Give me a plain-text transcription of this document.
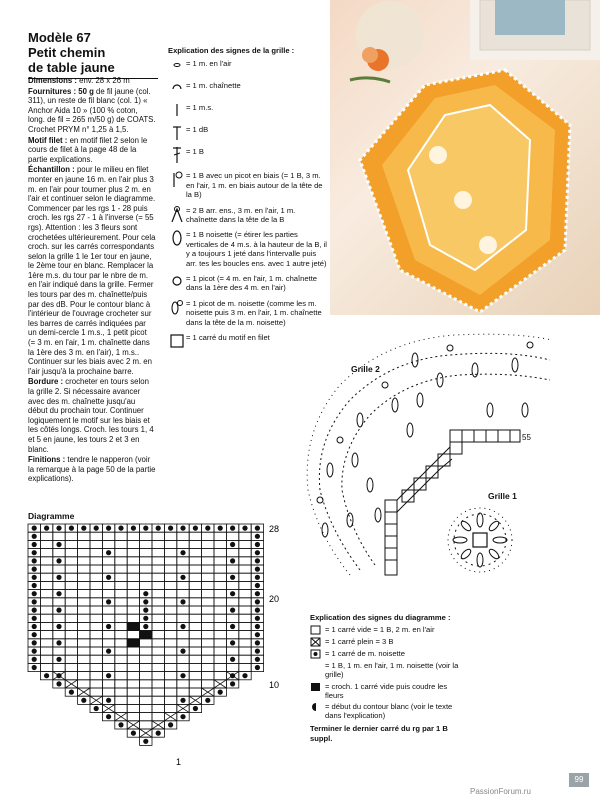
Modèle 67
Petit chemin
de table jaune

Dimensions : env. 28 x 26 m

Fournitures : 50 g de fil jaune (col. 311), un reste de fil blanc (col. 1) « Anchor Aida 10 » (100 % coton, long. de fil = 265 m/50 g) de COATS. Crochet PRYM n° 1,25 à 1,5.

Motif filet : en motif filet 2 selon le cours de filet à la page 48 de la partie explications.

Échantillon : pour le milieu en filet monter en jaune 16 m. en l'air plus 3 m. en l'air pour tourner plus 2 m. en l'air et continuer selon le diagramme. Commencer par les rgs 1 - 28 puis croch. les rgs 27 - 1 à l'inverse (= 55 rgs). Attention : les 3 fleurs sont crochetées ultérieurement. Pour cela croch. sur les carrés correspondants selon la grille 1 le 1er tour en jaune, le 2ème tour en blanc. Remplacer la 1ère m.s. du tour par le nbre de m. en l'air indiqué dans la grille. Fermer les tours par des m. chaînette/puis par des dB. Pour le contour blanc à l'intérieur de l'ouvrage crocheter sur les barres de carrés indiquées par un demi-cercle 1 m.s., 1 petit picot (= 3 m. en l'air, 1 m. chaînette dans la 1ère des 3 m. en l'air), 1 m.s.. Continuer sur les biais avec 2 m. en l'air jusqu'à la prochaine barre.

Bordure : crocheter en tours selon la grille 2. Si nécessaire avancer avec des m. chaînette jusqu'au début du prochain tour. Continuer logiquement le motif sur les biais et les côtés longs. Croch. les tours 1, 4 et 5 en jaune, les tours 2 et 3 en blanc.

Finitions : tendre le napperon (voir la remarque à la page 50 de la partie explications).

Explication des signes de la grille :
= 1 m. en l'air
= 1 m. chaînette
= 1 m.s.
= 1 dB
= 1 B
= 1 B avec un picot en biais (= 1 B, 3 m. en l'air, 1 m. en biais autour de la tête de la B)
= 2 B arr. ens., 3 m. en l'air, 1 m. chaînette dans la tête de la B
= 1 B noisette (= étirer les parties verticales de 4 m.s. à la hauteur de la B, il y a toujours 1 jeté dans l'intervalle puis arr. tes les boucles ens. avec 1 autre jeté)
= 1 picot (= 4 m. en l'air, 1 m. chaînette dans la 1ère des 4 m. en l'air)
= 1 picot de m. noisette (comme les m. noisette puis 3 m. en l'air, 1 m. chaînette dans la tête de la m. noisette)
= 1 carré du motif en filet
Grille 2
55
Grille 1
Diagramme
28
20
10
1
Explication des signes du diagramme :
= 1 carré vide = 1 B, 2 m. en l'air
= 1 carré plein = 3 B
= 1 carré de m. noisette
= 1 B, 1 m. en l'air, 1 m. noisette (voir la grille)
= croch. 1 carré vide puis coudre les fleurs
= début du contour blanc (voir le texte dans l'explication)
Terminer le dernier carré du rg par 1 B suppl.
99
PassionForum.ru
